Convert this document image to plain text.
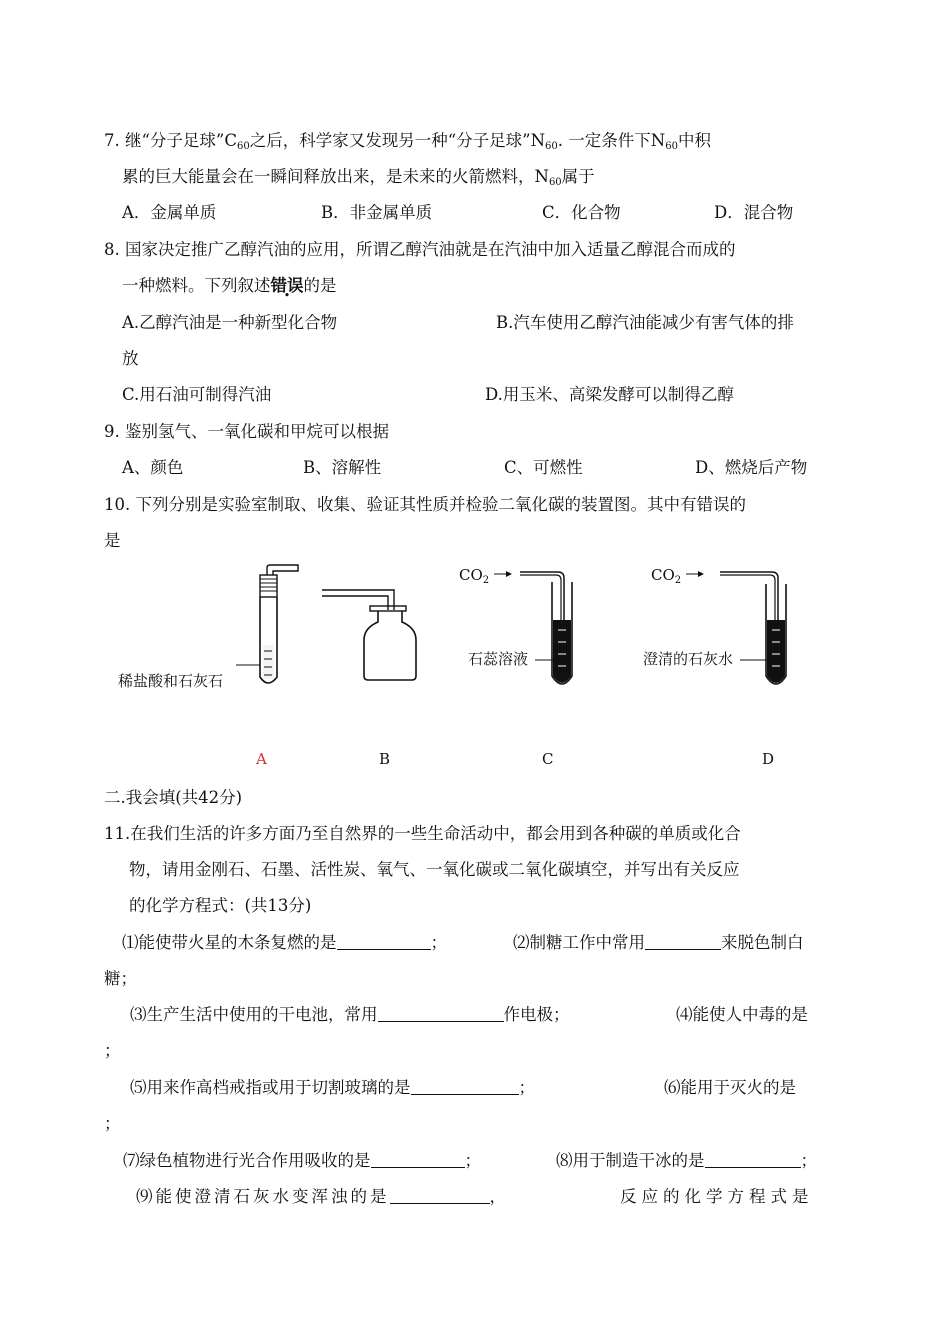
7. 继“分子足球$”C_{60}$之后，科学家又发现另一种“分子足球$”N_{60}$. 一定条件下$N_{60}$中积
累的巨大能量会在一瞬间释放出来，是未来的火箭燃料，$N_{60}$属于
A．金属单质	B．非金属单质	C．化合物	D．混合物
8. 国家决定推广乙醇汽油的应用，所谓乙醇汽油就是在汽油中加入适量乙醇混合而成的
一种燃料。下列叙述错误的是
A.乙醇汽油是一种新型化合物	B.汽车使用乙醇汽油能减少有害气体的排
放
C.用石油可制得汽油	D.用玉米、高梁发酵可以制得乙醇
9. 鉴别氢气、一氧化碳和甲烷可以根据
A、颜色	B、溶解性	C、可燃性	D、燃烧后产物
10. 下列分别是实验室制取、收集、验证其性质并检验二氧化碳的装置图。其中有错误的
是
稀盐酸和石灰石
$CO_2$
石蕊溶液
$CO_2$
澄清的石灰水
A	B	C	D
二.我会填(共42分)
11.在我们生活的许多方面乃至自然界的一些生命活动中，都会用到各种碳的单质或化合
物，请用金刚石、石墨、活性炭、氧气、一氧化碳或二氧化碳填空，并写出有关反应
的化学方程式：(共13分)
⑴能使带火星的木条复燃的是	；	⑵制糖工作中常用	来脱色制白
糖；
⑶生产生活中使用的干电池，常用	作电极；	⑷能使人中毒的是
；
⑸用来作高档戒指或用于切割玻璃的是	；	⑹能用于灭火的是
；
⑺绿色植物进行光合作用吸收的是	；	⑻用于制造干冰的是	；
⑼能使澄清石灰水变浑浊的是	，	反应的化学方程式是
